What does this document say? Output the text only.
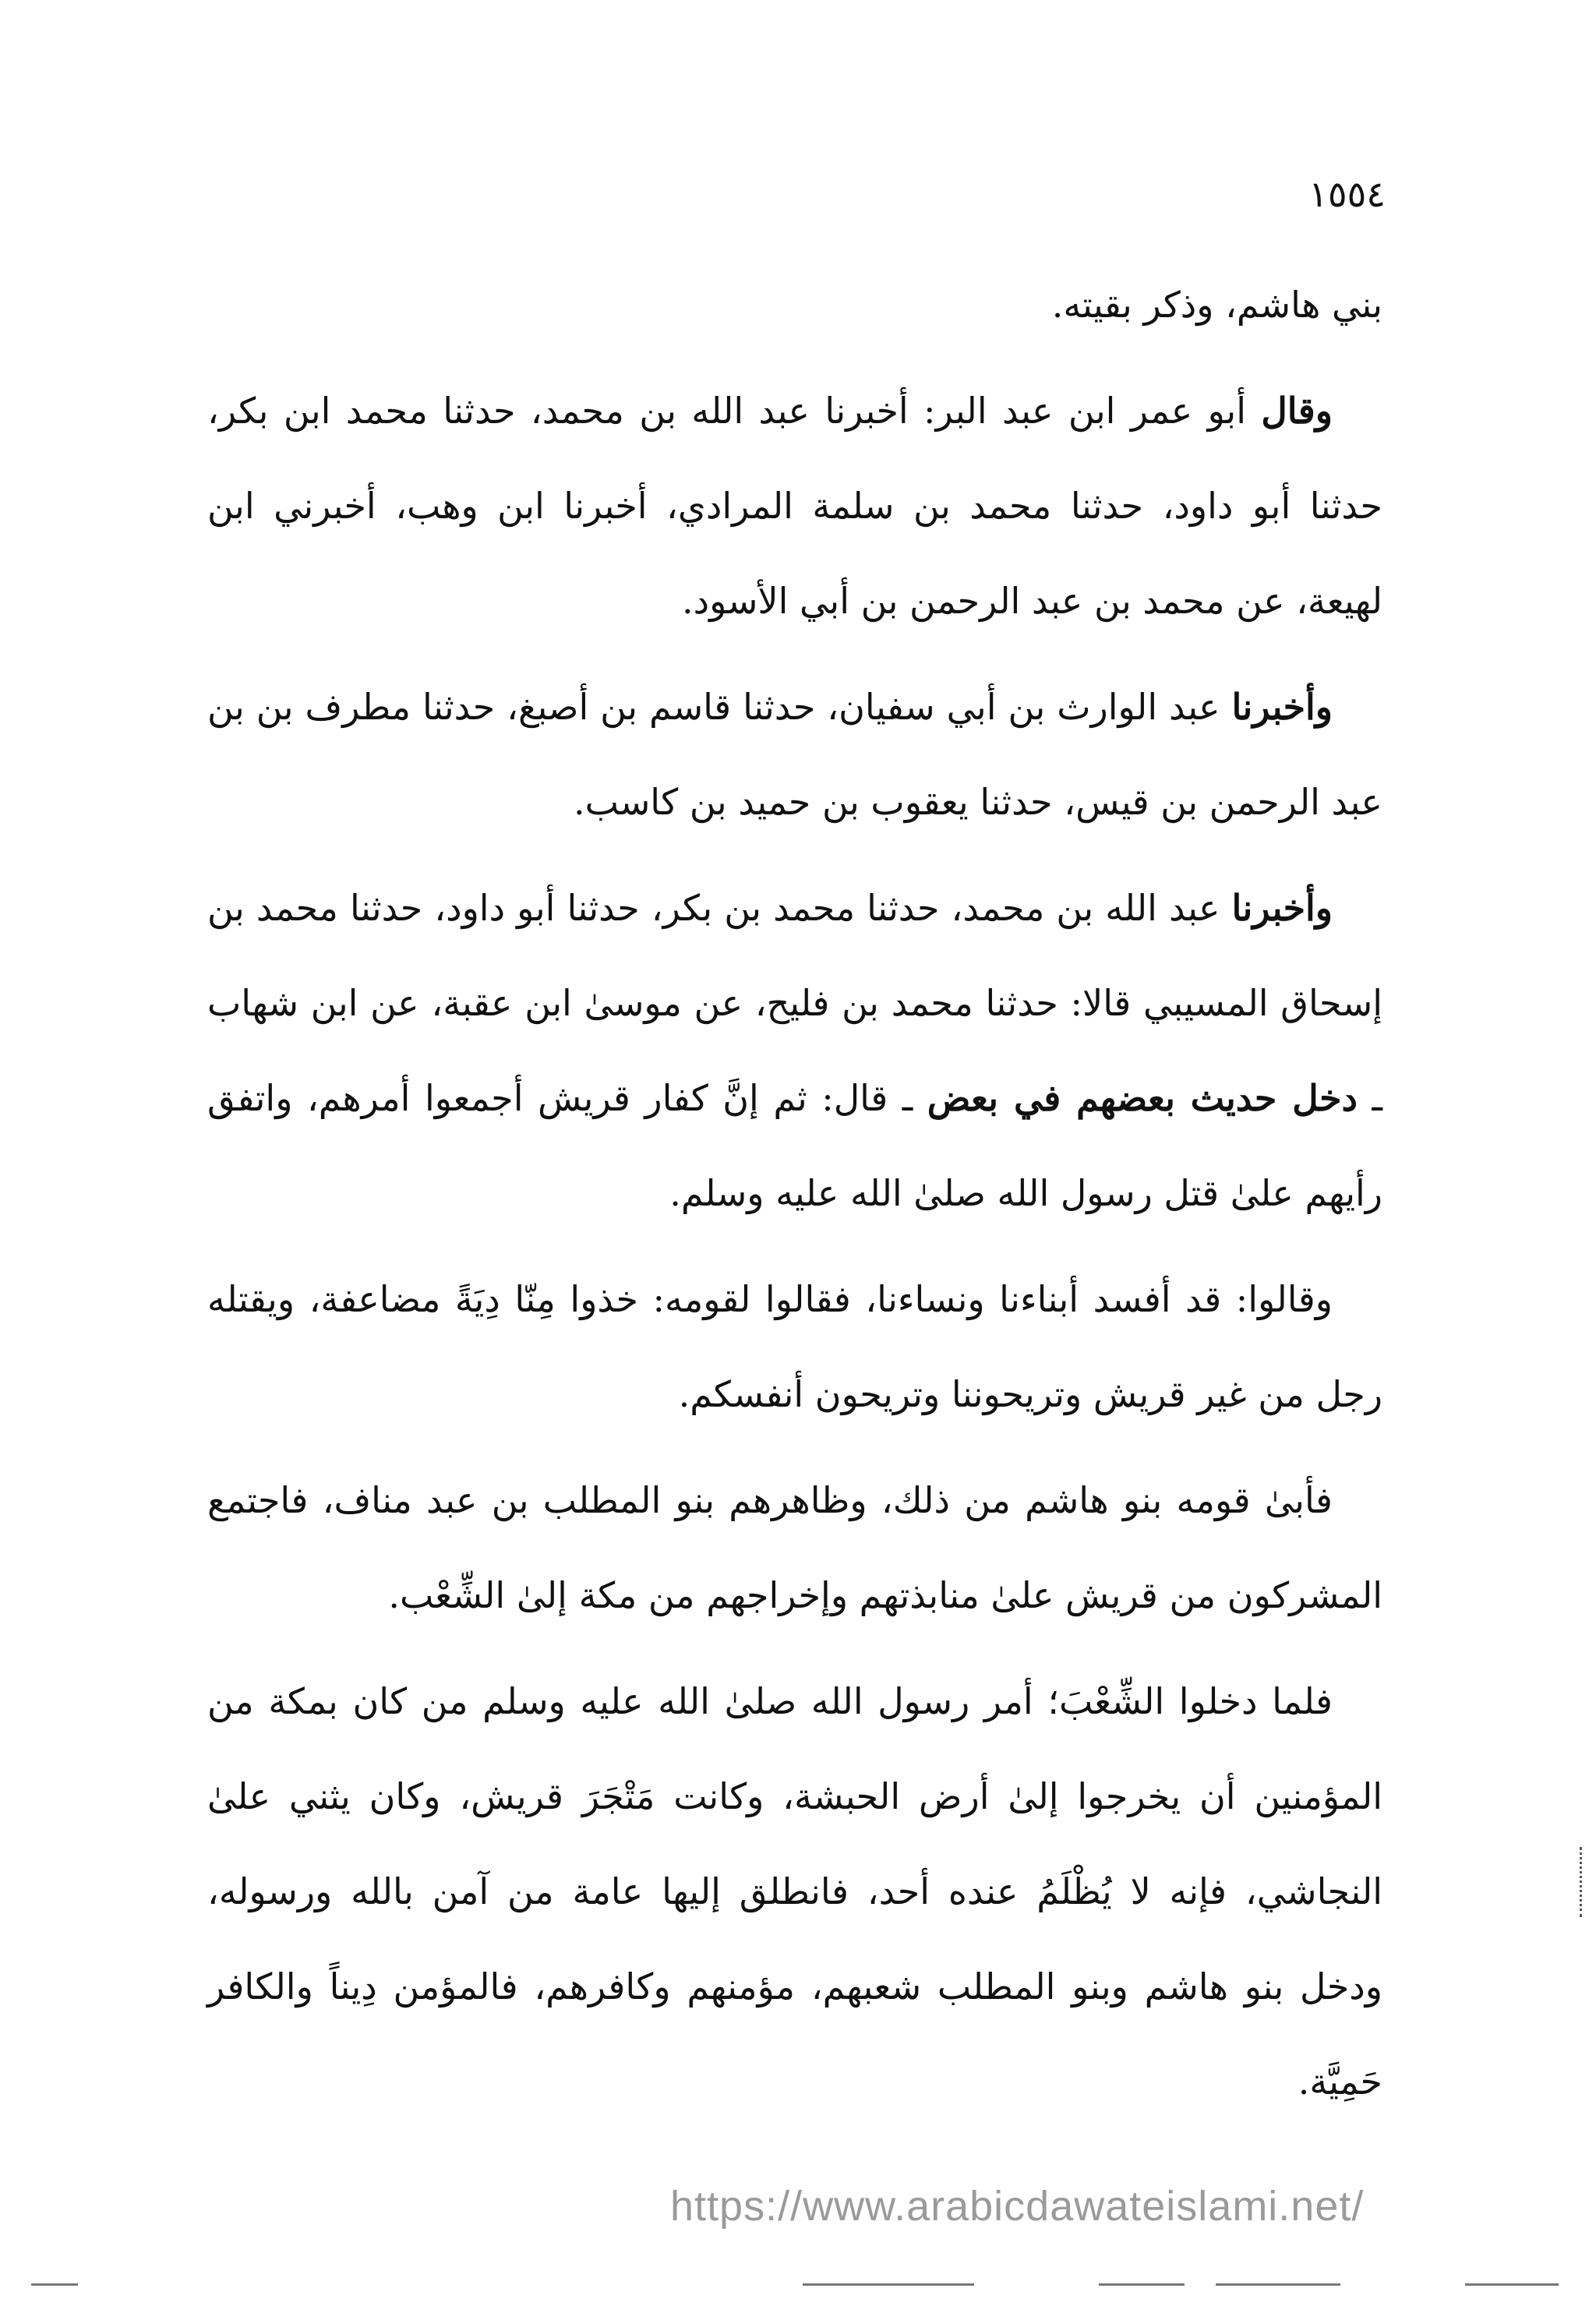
١٥٥٤

بني هاشم، وذكر بقيته.

وقال أبو عمر ابن عبد البر: أخبرنا عبد الله بن محمد، حدثنا محمد ابن بكر، حدثنا أبو داود، حدثنا محمد بن سلمة المرادي، أخبرنا ابن وهب، أخبرني ابن لهيعة، عن محمد بن عبد الرحمن بن أبي الأسود.

وأخبرنا عبد الوارث بن أبي سفيان، حدثنا قاسم بن أصبغ، حدثنا مطرف بن بن عبد الرحمن بن قيس، حدثنا يعقوب بن حميد بن كاسب.

وأخبرنا عبد الله بن محمد، حدثنا محمد بن بكر، حدثنا أبو داود، حدثنا محمد بن إسحاق المسيبي قالا: حدثنا محمد بن فليح، عن موسىٰ ابن عقبة، عن ابن شهاب ـ دخل حديث بعضهم في بعض ـ قال: ثم إنَّ كفار قريش أجمعوا أمرهم، واتفق رأيهم علىٰ قتل رسول الله صلىٰ الله عليه وسلم.

وقالوا: قد أفسد أبناءنا ونساءنا، فقالوا لقومه: خذوا مِنّا دِيَةً مضاعفة، ويقتله رجل من غير قريش وتريحوننا وتريحون أنفسكم.

فأبىٰ قومه بنو هاشم من ذلك، وظاهرهم بنو المطلب بن عبد مناف، فاجتمع المشركون من قريش علىٰ منابذتهم وإخراجهم من مكة إلىٰ الشِّعْب.

فلما دخلوا الشِّعْبَ؛ أمر رسول الله صلىٰ الله عليه وسلم من كان بمكة من المؤمنين أن يخرجوا إلىٰ أرض الحبشة، وكانت مَتْجَرَ قريش، وكان يثني علىٰ النجاشي، فإنه لا يُظْلَمُ عنده أحد، فانطلق إليها عامة من آمن بالله ورسوله، ودخل بنو هاشم وبنو المطلب شعبهم، مؤمنهم وكافرهم، فالمؤمن دِيناً والكافر حَمِيَّة.

https://www.arabicdawateislami.net/
